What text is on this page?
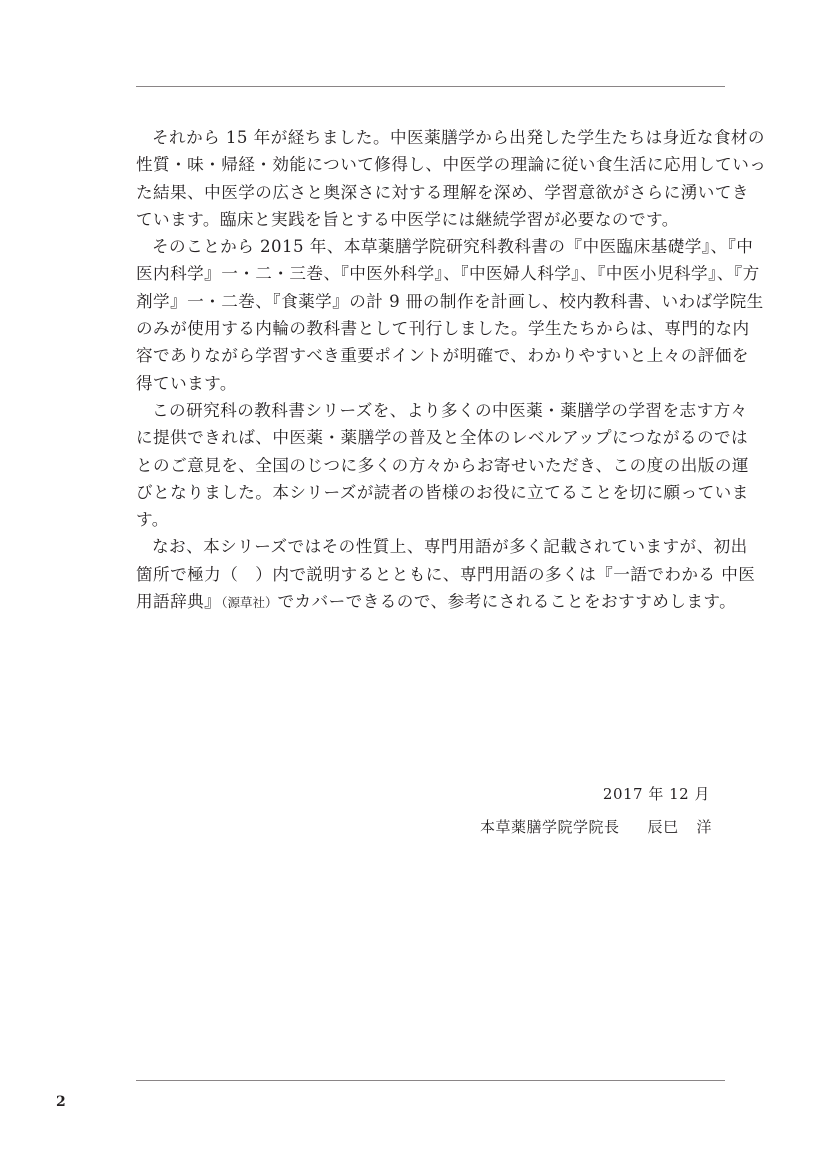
それから 15 年が経ちました。中医薬膳学から出発した学生たちは身近な食材の
性質・味・帰経・効能について修得し、中医学の理論に従い食生活に応用していっ
た結果、中医学の広さと奥深さに対する理解を深め、学習意欲がさらに湧いてき
ています。臨床と実践を旨とする中医学には継続学習が必要なのです。
そのことから 2015 年、本草薬膳学院研究科教科書の『中医臨床基礎学』、『中
医内科学』一・二・三巻、『中医外科学』、『中医婦人科学』、『中医小児科学』、『方
剤学』一・二巻、『食薬学』の計 9 冊の制作を計画し、校内教科書、いわば学院生
のみが使用する内輪の教科書として刊行しました。学生たちからは、専門的な内
容でありながら学習すべき重要ポイントが明確で、わかりやすいと上々の評価を
得ています。
この研究科の教科書シリーズを、より多くの中医薬・薬膳学の学習を志す方々
に提供できれば、中医薬・薬膳学の普及と全体のレベルアップにつながるのでは
とのご意見を、全国のじつに多くの方々からお寄せいただき、この度の出版の運
びとなりました。本シリーズが読者の皆様のお役に立てることを切に願っていま
す。
なお、本シリーズではその性質上、専門用語が多く記載されていますが、初出
箇所で極力（　）内で説明するとともに、専門用語の多くは『一語でわかる 中医
用語辞典』（源草社）でカバーできるので、参考にされることをおすすめします。
2017 年 12 月
本草薬膳学院学院長 辰巳 洋
2
